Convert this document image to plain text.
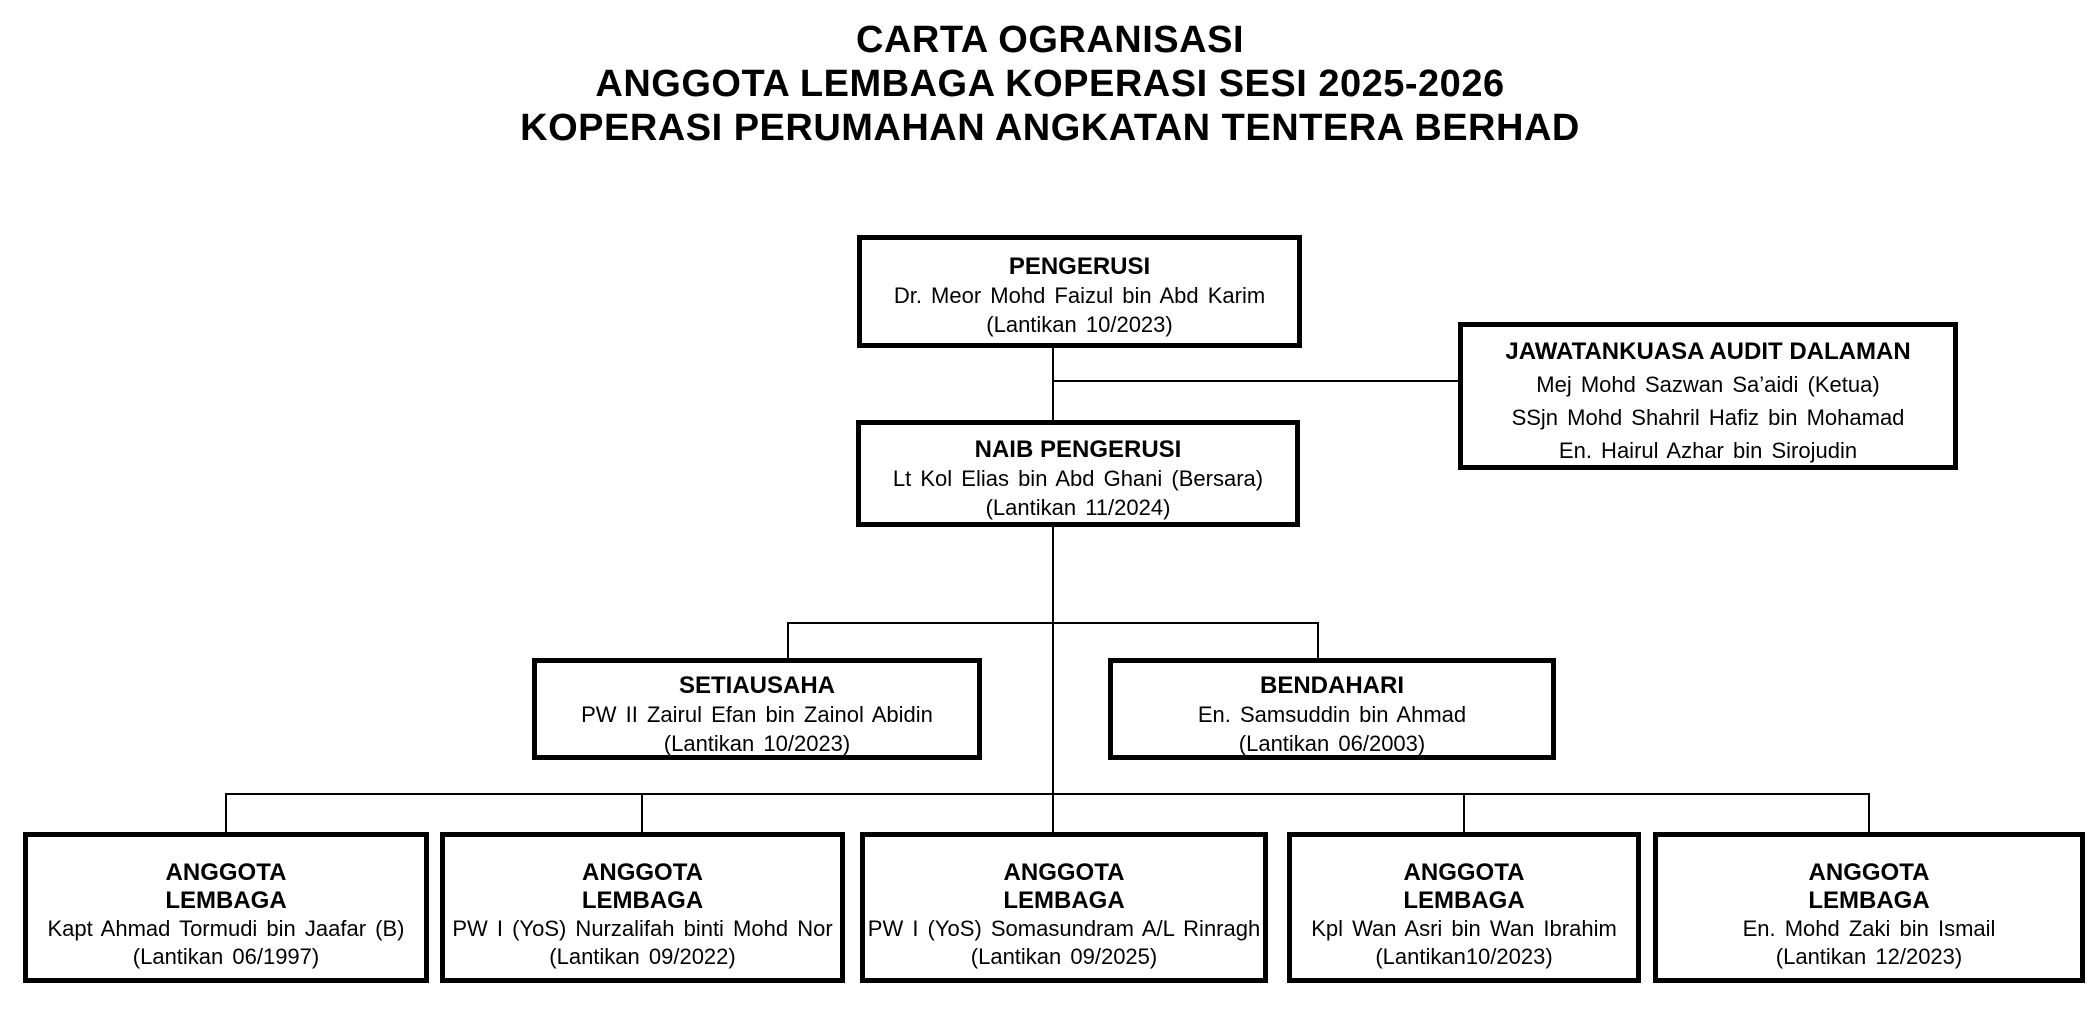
CARTA OGRANISASI
ANGGOTA LEMBAGA KOPERASI SESI 2025-2026
KOPERASI PERUMAHAN ANGKATAN TENTERA BERHAD
PENGERUSI
Dr. Meor Mohd Faizul bin Abd Karim
(Lantikan 10/2023)
JAWATANKUASA AUDIT DALAMAN
Mej Mohd Sazwan Sa’aidi (Ketua)
SSjn Mohd Shahril Hafiz bin Mohamad
En. Hairul Azhar bin Sirojudin
NAIB PENGERUSI
Lt Kol Elias bin Abd Ghani (Bersara)
(Lantikan 11/2024)
SETIAUSAHA
PW II Zairul Efan bin Zainol Abidin
(Lantikan 10/2023)
BENDAHARI
En. Samsuddin bin Ahmad
(Lantikan 06/2003)
ANGGOTA
LEMBAGA
Kapt Ahmad Tormudi bin Jaafar (B)
(Lantikan 06/1997)
ANGGOTA
LEMBAGA
PW I (YoS) Nurzalifah binti Mohd Nor
(Lantikan 09/2022)
ANGGOTA
LEMBAGA
PW I (YoS) Somasundram A/L Rinragh
(Lantikan 09/2025)
ANGGOTA
LEMBAGA
Kpl Wan Asri bin Wan Ibrahim
(Lantikan10/2023)
ANGGOTA
LEMBAGA
En. Mohd Zaki bin Ismail
(Lantikan 12/2023)
